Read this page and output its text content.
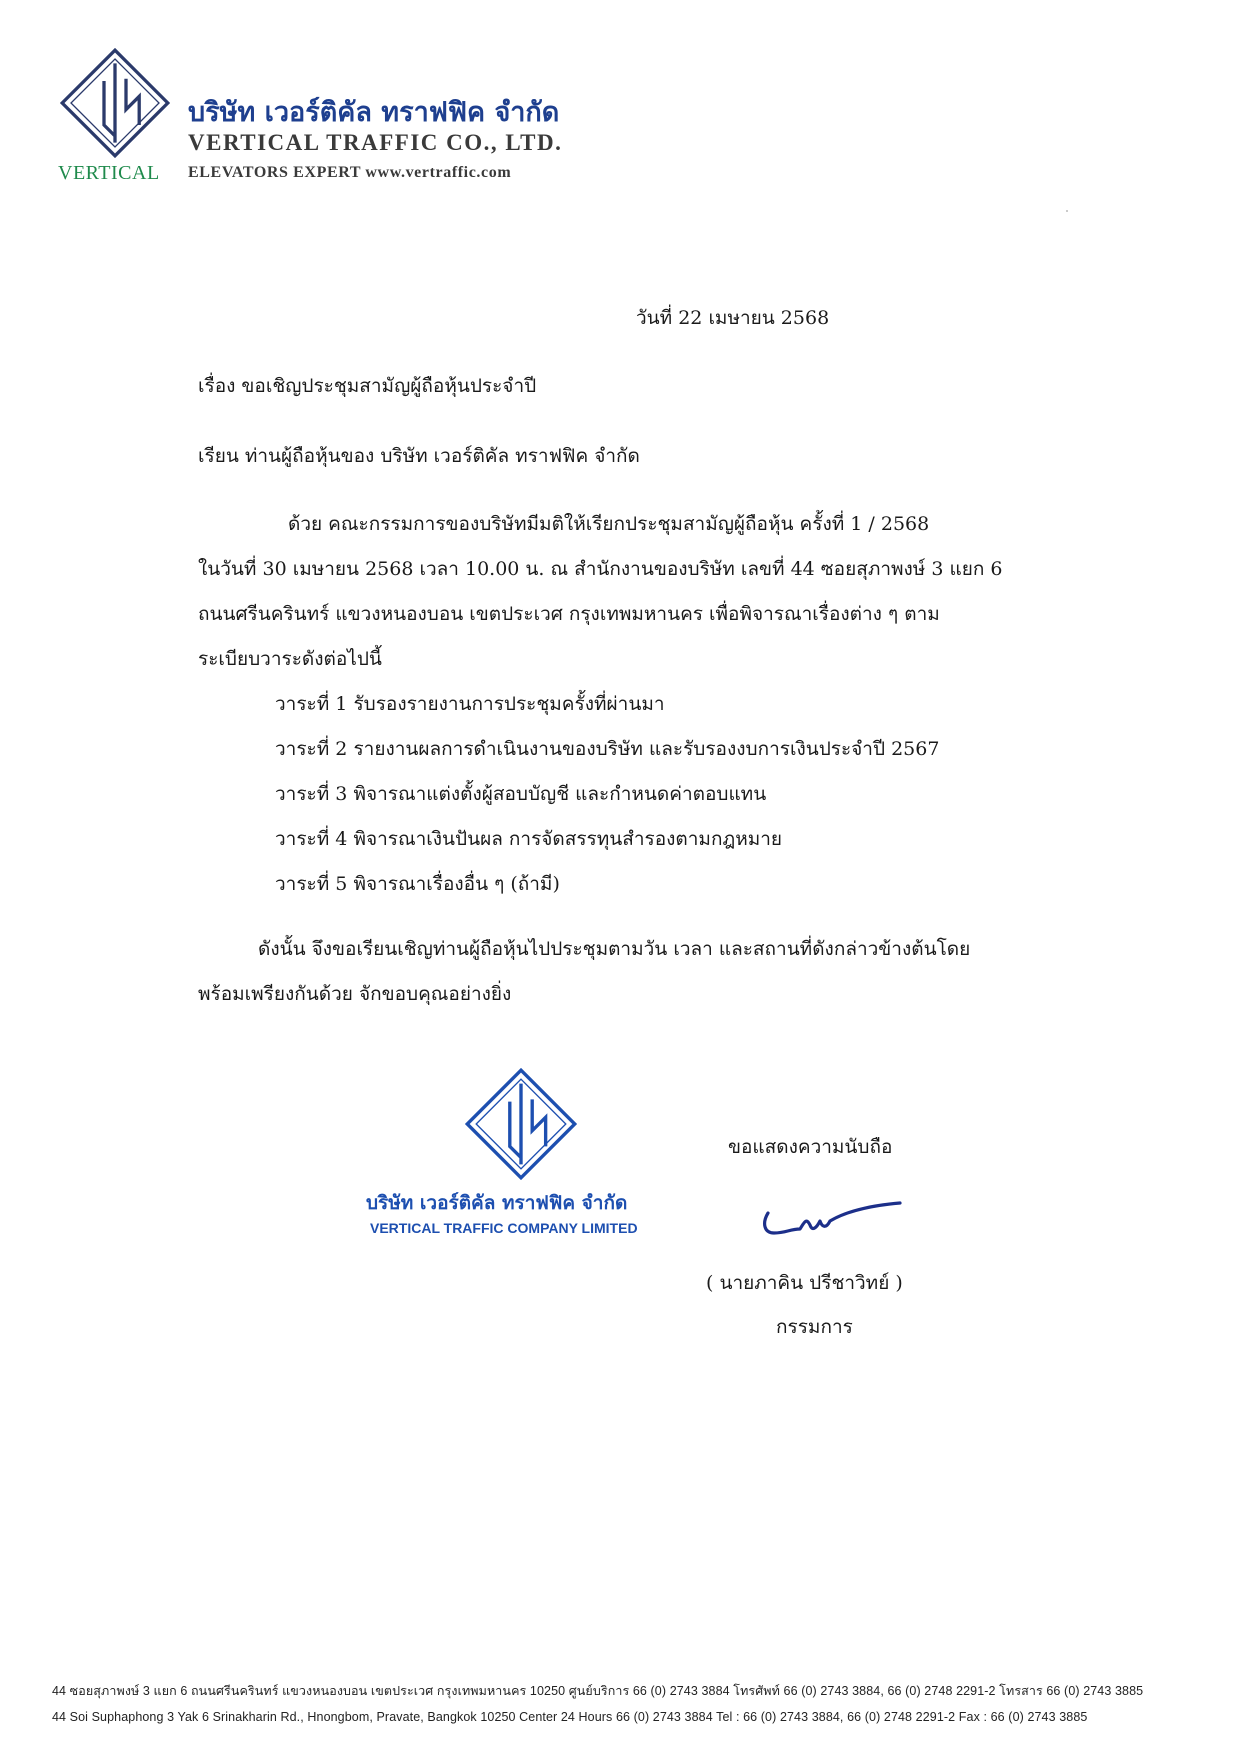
VERTICAL
บริษัท เวอร์ติคัล ทราฟฟิค จำกัด
VERTICAL TRAFFIC CO., LTD.
ELEVATORS EXPERT www.vertraffic.com
วันที่ 22 เมษายน 2568
เรื่อง ขอเชิญประชุมสามัญผู้ถือหุ้นประจำปี
เรียน ท่านผู้ถือหุ้นของ บริษัท เวอร์ติคัล ทราฟฟิค จำกัด
ด้วย คณะกรรมการของบริษัทมีมติให้เรียกประชุมสามัญผู้ถือหุ้น ครั้งที่ 1 / 2568
ในวันที่ 30 เมษายน 2568 เวลา 10.00 น. ณ สำนักงานของบริษัท เลขที่ 44 ซอยสุภาพงษ์ 3 แยก 6
ถนนศรีนครินทร์ แขวงหนองบอน เขตประเวศ กรุงเทพมหานคร เพื่อพิจารณาเรื่องต่าง ๆ ตาม
ระเบียบวาระดังต่อไปนี้
วาระที่ 1 รับรองรายงานการประชุมครั้งที่ผ่านมา
วาระที่ 2 รายงานผลการดำเนินงานของบริษัท และรับรองงบการเงินประจำปี 2567
วาระที่ 3 พิจารณาแต่งตั้งผู้สอบบัญชี และกำหนดค่าตอบแทน
วาระที่ 4 พิจารณาเงินปันผล การจัดสรรทุนสำรองตามกฎหมาย
วาระที่ 5 พิจารณาเรื่องอื่น ๆ (ถ้ามี)
ดังนั้น จึงขอเรียนเชิญท่านผู้ถือหุ้นไปประชุมตามวัน เวลา และสถานที่ดังกล่าวข้างต้นโดย
พร้อมเพรียงกันด้วย จักขอบคุณอย่างยิ่ง
บริษัท เวอร์ติคัล ทราฟฟิค จำกัด
VERTICAL TRAFFIC COMPANY LIMITED
ขอแสดงความนับถือ
( นายภาคิน ปรีชาวิทย์ )
กรรมการ
44 ซอยสุภาพงษ์ 3 แยก 6 ถนนศรีนครินทร์ แขวงหนองบอน เขตประเวศ กรุงเทพมหานคร 10250 ศูนย์บริการ 66 (0) 2743 3884 โทรศัพท์ 66 (0) 2743 3884, 66 (0) 2748 2291-2 โทรสาร 66 (0) 2743 3885
44 Soi Suphaphong 3 Yak 6 Srinakharin Rd., Hnongbom, Pravate, Bangkok 10250 Center 24 Hours 66 (0) 2743 3884 Tel : 66 (0) 2743 3884, 66 (0) 2748 2291-2 Fax : 66 (0) 2743 3885
